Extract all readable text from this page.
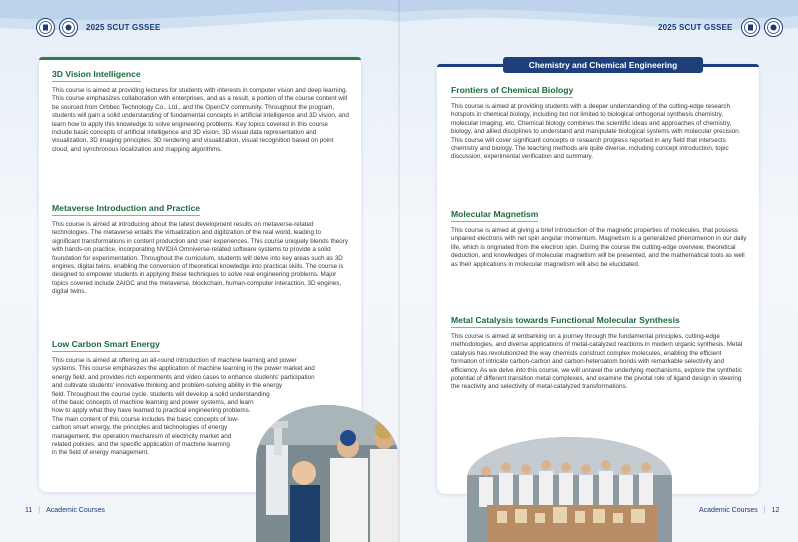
2025 SCUT GSSEE
3D Vision Intelligence
This course is aimed at providing lectures for students with interests in computer vision and deep learning. This course emphasizes collaboration with enterprises, and as a result, a portion of the course content will be sourced from Orbbec Technology Co., Ltd., and the OpenCV community. Throughout the program, students will gain a solid understanding of fundamental concepts in artificial intelligence and 3D vision, and learn how to apply this knowledge to solve engineering problems. Key topics covered in this course include basic concepts of artificial intelligence and 3D vision, 3D visual data representation and visualization, 3D imaging principles, 3D rendering and visualization, visual recognition based on point cloud, and synchronous localization and mapping algorithms.
Metaverse Introduction and Practice
This course is aimed at introducing about the latest development results on metaverse-related technologies. The metaverse entails the virtualization and digitization of the real world, leading to significant transformations in content production and user experiences. This course uniquely blends theory with hands-on practice, incorporating NVIDIA Omniverse-related software systems to provide a solid foundation for experimentation. Throughout the curriculum, students will delve into key areas such as 3D engines, digital twins, enabling the conversion of theoretical knowledge into practical skills. The course is designed to empower students in applying these techniques to solve real engineering problems. Major topics covered include 2AIGC and the metaverse, blockchain, human-computer interaction, 3D engines, digital twins.
Low Carbon Smart Energy
This course is aimed at offering an all-round introduction of machine learning and power
systems. This course emphasizes the application of machine learning in the power market and
energy field, and provides rich experiments and video cases to enhance students' participation
and cultivate students' innovative thinking and problem-solving ability in the energy
field. Throughout the course cycle, students will develop a solid understanding
of the basic concepts of machine learning and power systems, and learn
how to apply what they have learned to practical engineering problems.
The main content of this course includes the basic concepts of low-
carbon smart energy, the principles and technologies of energy
management, the operation mechanism of electricity market and
related policies, and the specific application of machine learning
in the field of energy management.
11 | Academic Courses
2025 SCUT GSSEE
Chemistry and Chemical Engineering
Frontiers of Chemical Biology
This course is aimed at providing students with a deeper understanding of the cutting-edge research hotspots in chemical biology, including but not limited to biological orthogonal synthesis chemistry, molecular imaging, etc. Chemical biology combines the scientific ideas and approaches of chemistry, biology, and allied disciplines to understand and manipulate biological systems with molecular precision. This course will cover significant concepts or research progress reported in any field that intersects chemistry and biology. The teaching methods are quite diverse, including concept introduction, topic discussion, experimental verification and summary.
Molecular Magnetism
This course is aimed at giving a brief introduction of the magnetic properties of molecules, that possess unpaired electrons with net spin angular momentum. Magnetism is a generalized phenomenon in our daily life, which is originated from the electron spin. During the course the cutting-edge overview, theoretical deduction, and knowledges of molecular magnetism will be presented, and the mathematical tools as well as their applications in molecular magnetism will also be elucidated.
Metal Catalysis towards Functional Molecular Synthesis
This course is aimed at embarking on a journey through the fundamental principles, cutting-edge methodologies, and diverse applications of metal-catalyzed reactions in modern organic synthesis. Metal catalysis has revolutionized the way chemists construct complex molecules, enabling the efficient formation of intricate carbon-carbon and carbon-heteroatom bonds with remarkable selectivity and efficiency. As we delve into this course, we will unravel the underlying mechanisms, explore the synthetic potential of different transition metal complexes, and examine the pivotal role of ligand design in steering the reactivity and selectivity of metal-catalyzed transformations.
Academic Courses | 12
